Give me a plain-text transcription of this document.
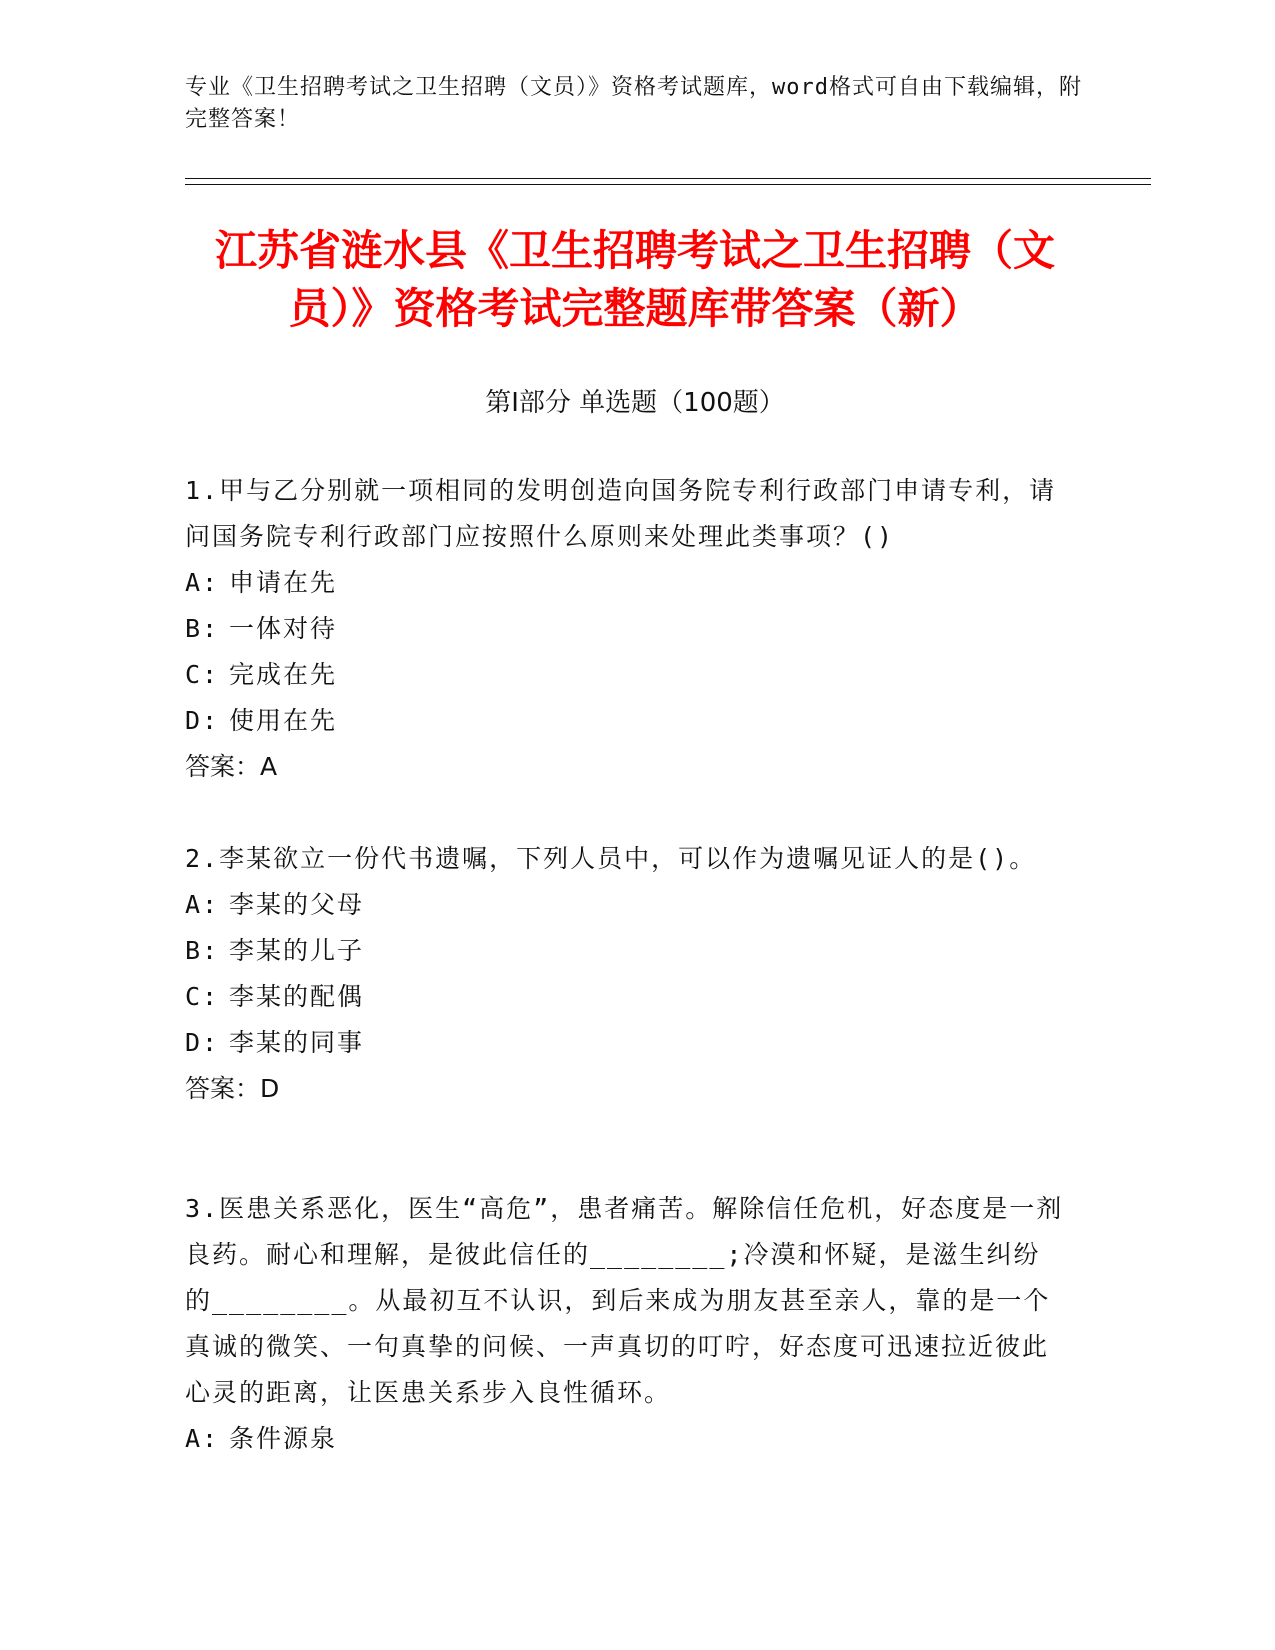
专业《卫生招聘考试之卫生招聘（文员）》资格考试题库，word格式可自由下载编辑，附完整答案！
江苏省涟水县《卫生招聘考试之卫生招聘（文员）》资格考试完整题库带答案（新）
第Ⅰ部分 单选题（100题）
1.甲与乙分别就一项相同的发明创造向国务院专利行政部门申请专利，请问国务院专利行政部门应按照什么原则来处理此类事项？()
A: 申请在先
B: 一体对待
C: 完成在先
D: 使用在先
答案：A
2.李某欲立一份代书遗嘱，下列人员中，可以作为遗嘱见证人的是()。
A: 李某的父母
B: 李某的儿子
C: 李某的配偶
D: 李某的同事
答案：D
3.医患关系恶化，医生“高危”，患者痛苦。解除信任危机，好态度是一剂良药。耐心和理解，是彼此信任的________;冷漠和怀疑，是滋生纠纷的________。从最初互不认识，到后来成为朋友甚至亲人，靠的是一个真诚的微笑、一句真挚的问候、一声真切的叮咛，好态度可迅速拉近彼此心灵的距离，让医患关系步入良性循环。
A: 条件源泉
